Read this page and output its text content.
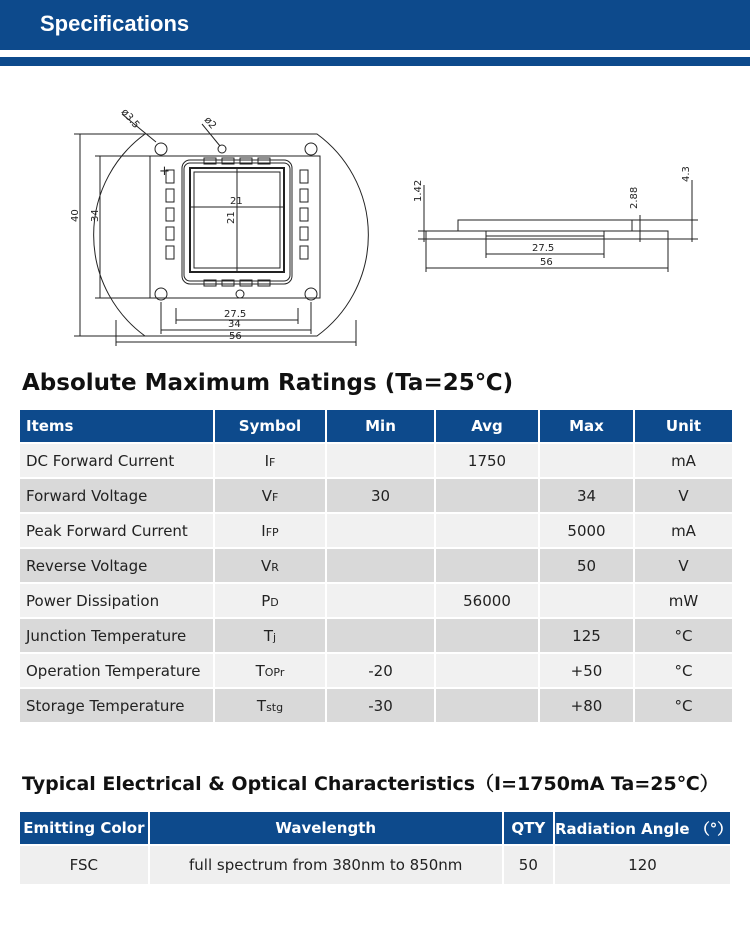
Specifications
ø3.5	ø2
40 34
21
21
27.5
34
56
+
1.42	2.88
4.3
27.5
56
Absolute Maximum Ratings (Ta=25℃)
Items	Symbol	Min	Avg	Max	Unit
DC Forward Current	IF		1750		mA
Forward Voltage	VF	30		34	V
Peak Forward Current	IFP			5000	mA
Reverse Voltage	VR			50	V
Power Dissipation	PD		56000		mW
Junction Temperature	Tj			125	°C
Operation Temperature	TOPr	-20		+50	°C
Storage Temperature	Tstg	-30		+80	°C
Typical Electrical & Optical Characteristics（I=1750mA Ta=25℃）
Emitting Color	Wavelength	QTY	Radiation Angle （°）
FSC	full spectrum from 380nm to 850nm	50	120
